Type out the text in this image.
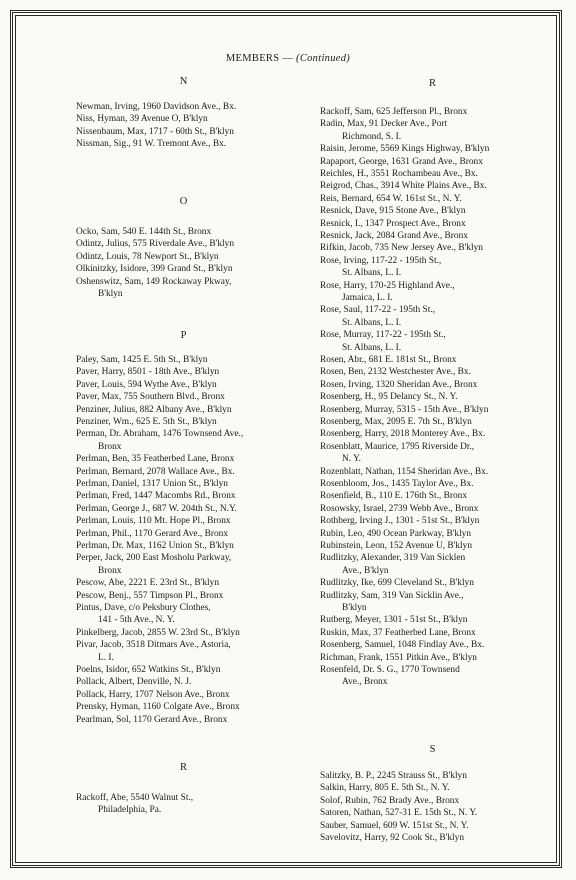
MEMBERS — (Continued)
N
Newman, Irving, 1960 Davidson Ave., Bx.
Niss, Hyman, 39 Avenue O, B'klyn
Nissenbaum, Max, 1717 - 60th St., B'klyn
Nissman, Sig., 91 W. Tremont Ave., Bx.
O
Ocko, Sam, 540 E. 144th St., Bronx
Odintz, Julius, 575 Riverdale Ave., B'klyn
Odintz, Louis, 78 Newport St., B'klyn
Olkinitzky, Isidore, 399 Grand St., B'klyn
Oshenswitz, Sam, 149 Rockaway Pkway,
B'klyn
P
Paley, Sam, 1425 E. 5th St., B'klyn
Paver, Harry, 8501 - 18th Ave., B'klyn
Paver, Louis, 594 Wythe Ave., B'klyn
Paver, Max, 755 Southern Blvd., Bronx
Penziner, Julius, 882 Albany Ave., B'klyn
Penziner, Wm., 625 E. 5th St., B'klyn
Perman, Dr. Abraham, 1476 Townsend Ave.,
Bronx
Perlman, Ben, 35 Featherbed Lane, Bronx
Perlman, Bernard, 2078 Wallace Ave., Bx.
Perlman, Daniel, 1317 Union St., B'klyn
Perlman, Fred, 1447 Macombs Rd., Bronx
Perlman, George J., 687 W. 204th St., N.Y.
Perlman, Louis, 110 Mt. Hope Pl., Bronx
Perlman, Phil., 1170 Gerard Ave., Bronx
Perlman, Dr. Max, 1162 Union St., B'klyn
Perper, Jack, 200 East Mosholu Parkway,
Bronx
Pescow, Abe, 2221 E. 23rd St., B'klyn
Pescow, Benj., 557 Timpson Pl., Bronx
Pintus, Dave, c/o Peksbury Clothes,
141 - 5th Ave., N. Y.
Pinkelberg, Jacob, 2855 W. 23rd St., B'klyn
Pivar, Jacob, 3518 Ditmars Ave., Astoria,
L. I.
Poelns, Isidor, 652 Watkins St., B'klyn
Pollack, Albert, Denville, N. J.
Pollack, Harry, 1707 Nelson Ave., Bronx
Prensky, Hyman, 1160 Colgate Ave., Bronx
Pearlman, Sol, 1170 Gerard Ave., Bronx
R
Rackoff, Abe, 5540 Walnut St.,
Philadelphia, Pa.
R
Rackoff, Sam, 625 Jefferson Pl., Bronx
Radin, Max, 91 Decker Ave., Port
Richmond, S. I.
Raisin, Jerome, 5569 Kings Highway, B'klyn
Rapaport, George, 1631 Grand Ave., Bronx
Reichles, H., 3551 Rochambeau Ave., Bx.
Reigrod, Chas., 3914 White Plains Ave., Bx.
Reis, Bernard, 654 W. 161st St., N. Y.
Resnick, Dave, 915 Stone Ave., B'klyn
Resnick, I., 1347 Prospect Ave., Bronx
Resnick, Jack, 2084 Grand Ave., Bronx
Rifkin, Jacob, 735 New Jersey Ave., B'klyn
Rose, Irving, 117-22 - 195th St.,
St. Albans, L. I.
Rose, Harry, 170-25 Highland Ave.,
Jamaica, L. I.
Rose, Saul, 117-22 - 195th St.,
St. Albans, L. I.
Rose, Murray, 117-22 - 195th St.,
St. Albans, L. I.
Rosen, Abr., 681 E. 181st St., Bronx
Rosen, Ben, 2132 Westchester Ave., Bx.
Rosen, Irving, 1320 Sheridan Ave., Bronx
Rosenberg, H., 95 Delancy St., N. Y.
Rosenberg, Murray, 5315 - 15th Ave., B'klyn
Rosenberg, Max, 2095 E. 7th St., B'klyn
Rosenberg, Harry, 2018 Monterey Ave., Bx.
Rosenblatt, Maurice, 1795 Riverside Dr.,
N. Y.
Rozenblatt, Nathan, 1154 Sheridan Ave., Bx.
Rosenbloom, Jos., 1435 Taylor Ave., Bx.
Rosenfield, B., 110 E. 176th St., Bronx
Rosowsky, Israel, 2739 Webb Ave., Bronx
Rothberg, Irving J., 1301 - 51st St., B'klyn
Rubin, Leo, 490 Ocean Parkway, B'klyn
Rubinstein, Leon, 152 Avenue U, B'klyn
Rudlitzky, Alexander, 319 Van Sicklen
Ave., B'klyn
Rudlitzky, Ike, 699 Cleveland St., B'klyn
Rudlitzky, Sam, 319 Van Sicklin Ave.,
B'klyn
Rutberg, Meyer, 1301 - 51st St., B'klyn
Ruskin, Max, 37 Featherbed Lane, Bronx
Rosenberg, Samuel, 1048 Findlay Ave., Bx.
Richman, Frank, 1551 Pitkin Ave., B'klyn
Rosenfeld, Dr. S. G., 1770 Townsend
Ave., Bronx
S
Salitzky, B. P., 2245 Strauss St., B'klyn
Salkin, Harry, 805 E. 5th St., N. Y.
Solof, Rubin, 762 Brady Ave., Bronx
Satoren, Nathan, 527-31 E. 15th St., N. Y.
Sauber, Samuel, 609 W. 151st St., N. Y.
Savelovitz, Harry, 92 Cook St., B'klyn
